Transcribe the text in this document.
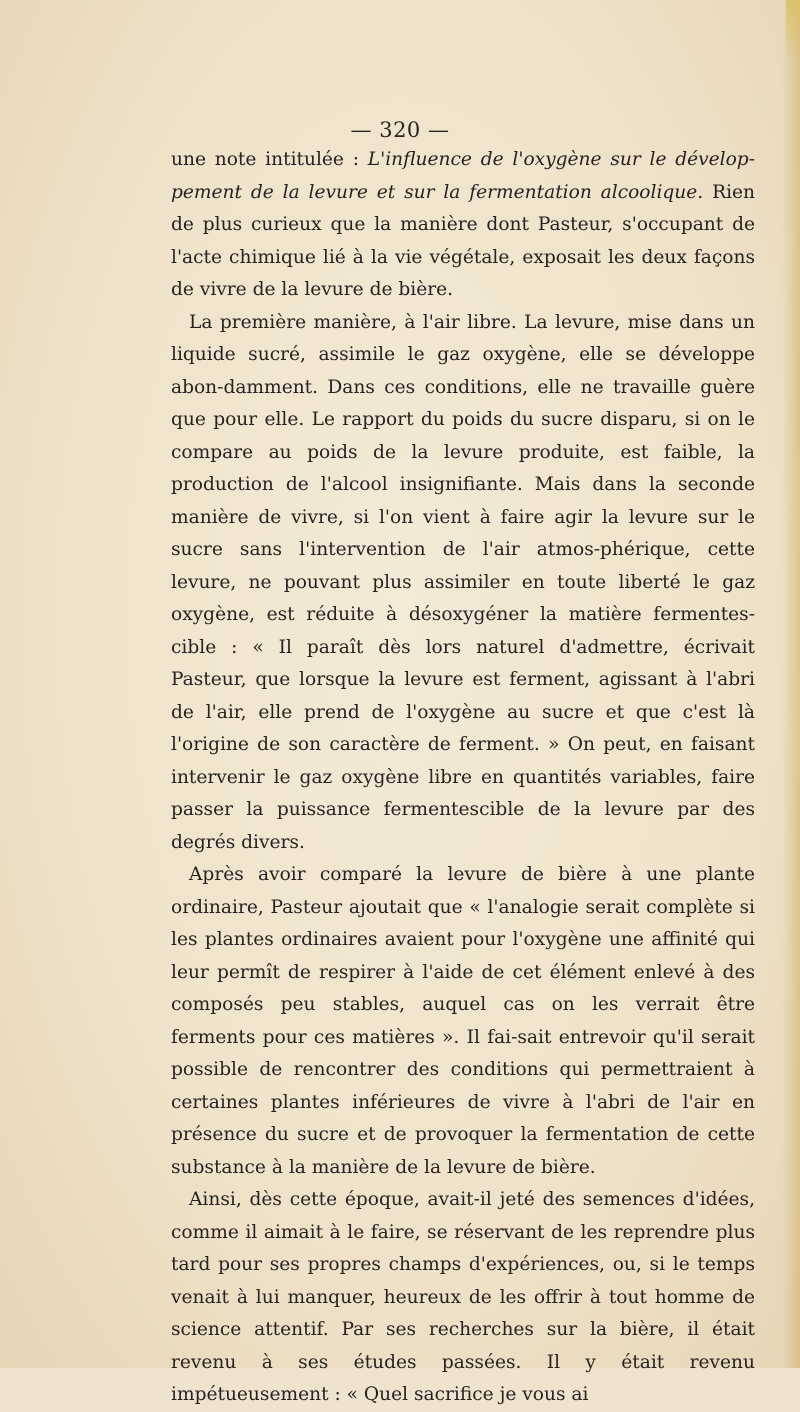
— 320 —

une note intitulée : L'influence de l'oxygène sur le dévelop-pement de la levure et sur la fermentation alcoolique. Rien de plus curieux que la manière dont Pasteur, s'occupant de l'acte chimique lié à la vie végétale, exposait les deux façons de vivre de la levure de bière.

La première manière, à l'air libre. La levure, mise dans un liquide sucré, assimile le gaz oxygène, elle se développe abon-damment. Dans ces conditions, elle ne travaille guère que pour elle. Le rapport du poids du sucre disparu, si on le compare au poids de la levure produite, est faible, la production de l'alcool insignifiante. Mais dans la seconde manière de vivre, si l'on vient à faire agir la levure sur le sucre sans l'intervention de l'air atmos-phérique, cette levure, ne pouvant plus assimiler en toute liberté le gaz oxygène, est réduite à désoxygéner la matière fermentes-cible : « Il paraît dès lors naturel d'admettre, écrivait Pasteur, que lorsque la levure est ferment, agissant à l'abri de l'air, elle prend de l'oxygène au sucre et que c'est là l'origine de son caractère de ferment. » On peut, en faisant intervenir le gaz oxygène libre en quantités variables, faire passer la puissance fermentescible de la levure par des degrés divers.

Après avoir comparé la levure de bière à une plante ordinaire, Pasteur ajoutait que « l'analogie serait complète si les plantes ordinaires avaient pour l'oxygène une affinité qui leur permît de respirer à l'aide de cet élément enlevé à des composés peu stables, auquel cas on les verrait être ferments pour ces matières ». Il fai-sait entrevoir qu'il serait possible de rencontrer des conditions qui permettraient à certaines plantes inférieures de vivre à l'abri de l'air en présence du sucre et de provoquer la fermentation de cette substance à la manière de la levure de bière.

Ainsi, dès cette époque, avait-il jeté des semences d'idées, comme il aimait à le faire, se réservant de les reprendre plus tard pour ses propres champs d'expériences, ou, si le temps venait à lui manquer, heureux de les offrir à tout homme de science attentif. Par ses recherches sur la bière, il était revenu à ses études passées. Il y était revenu impétueusement : « Quel sacrifice je vous ai
